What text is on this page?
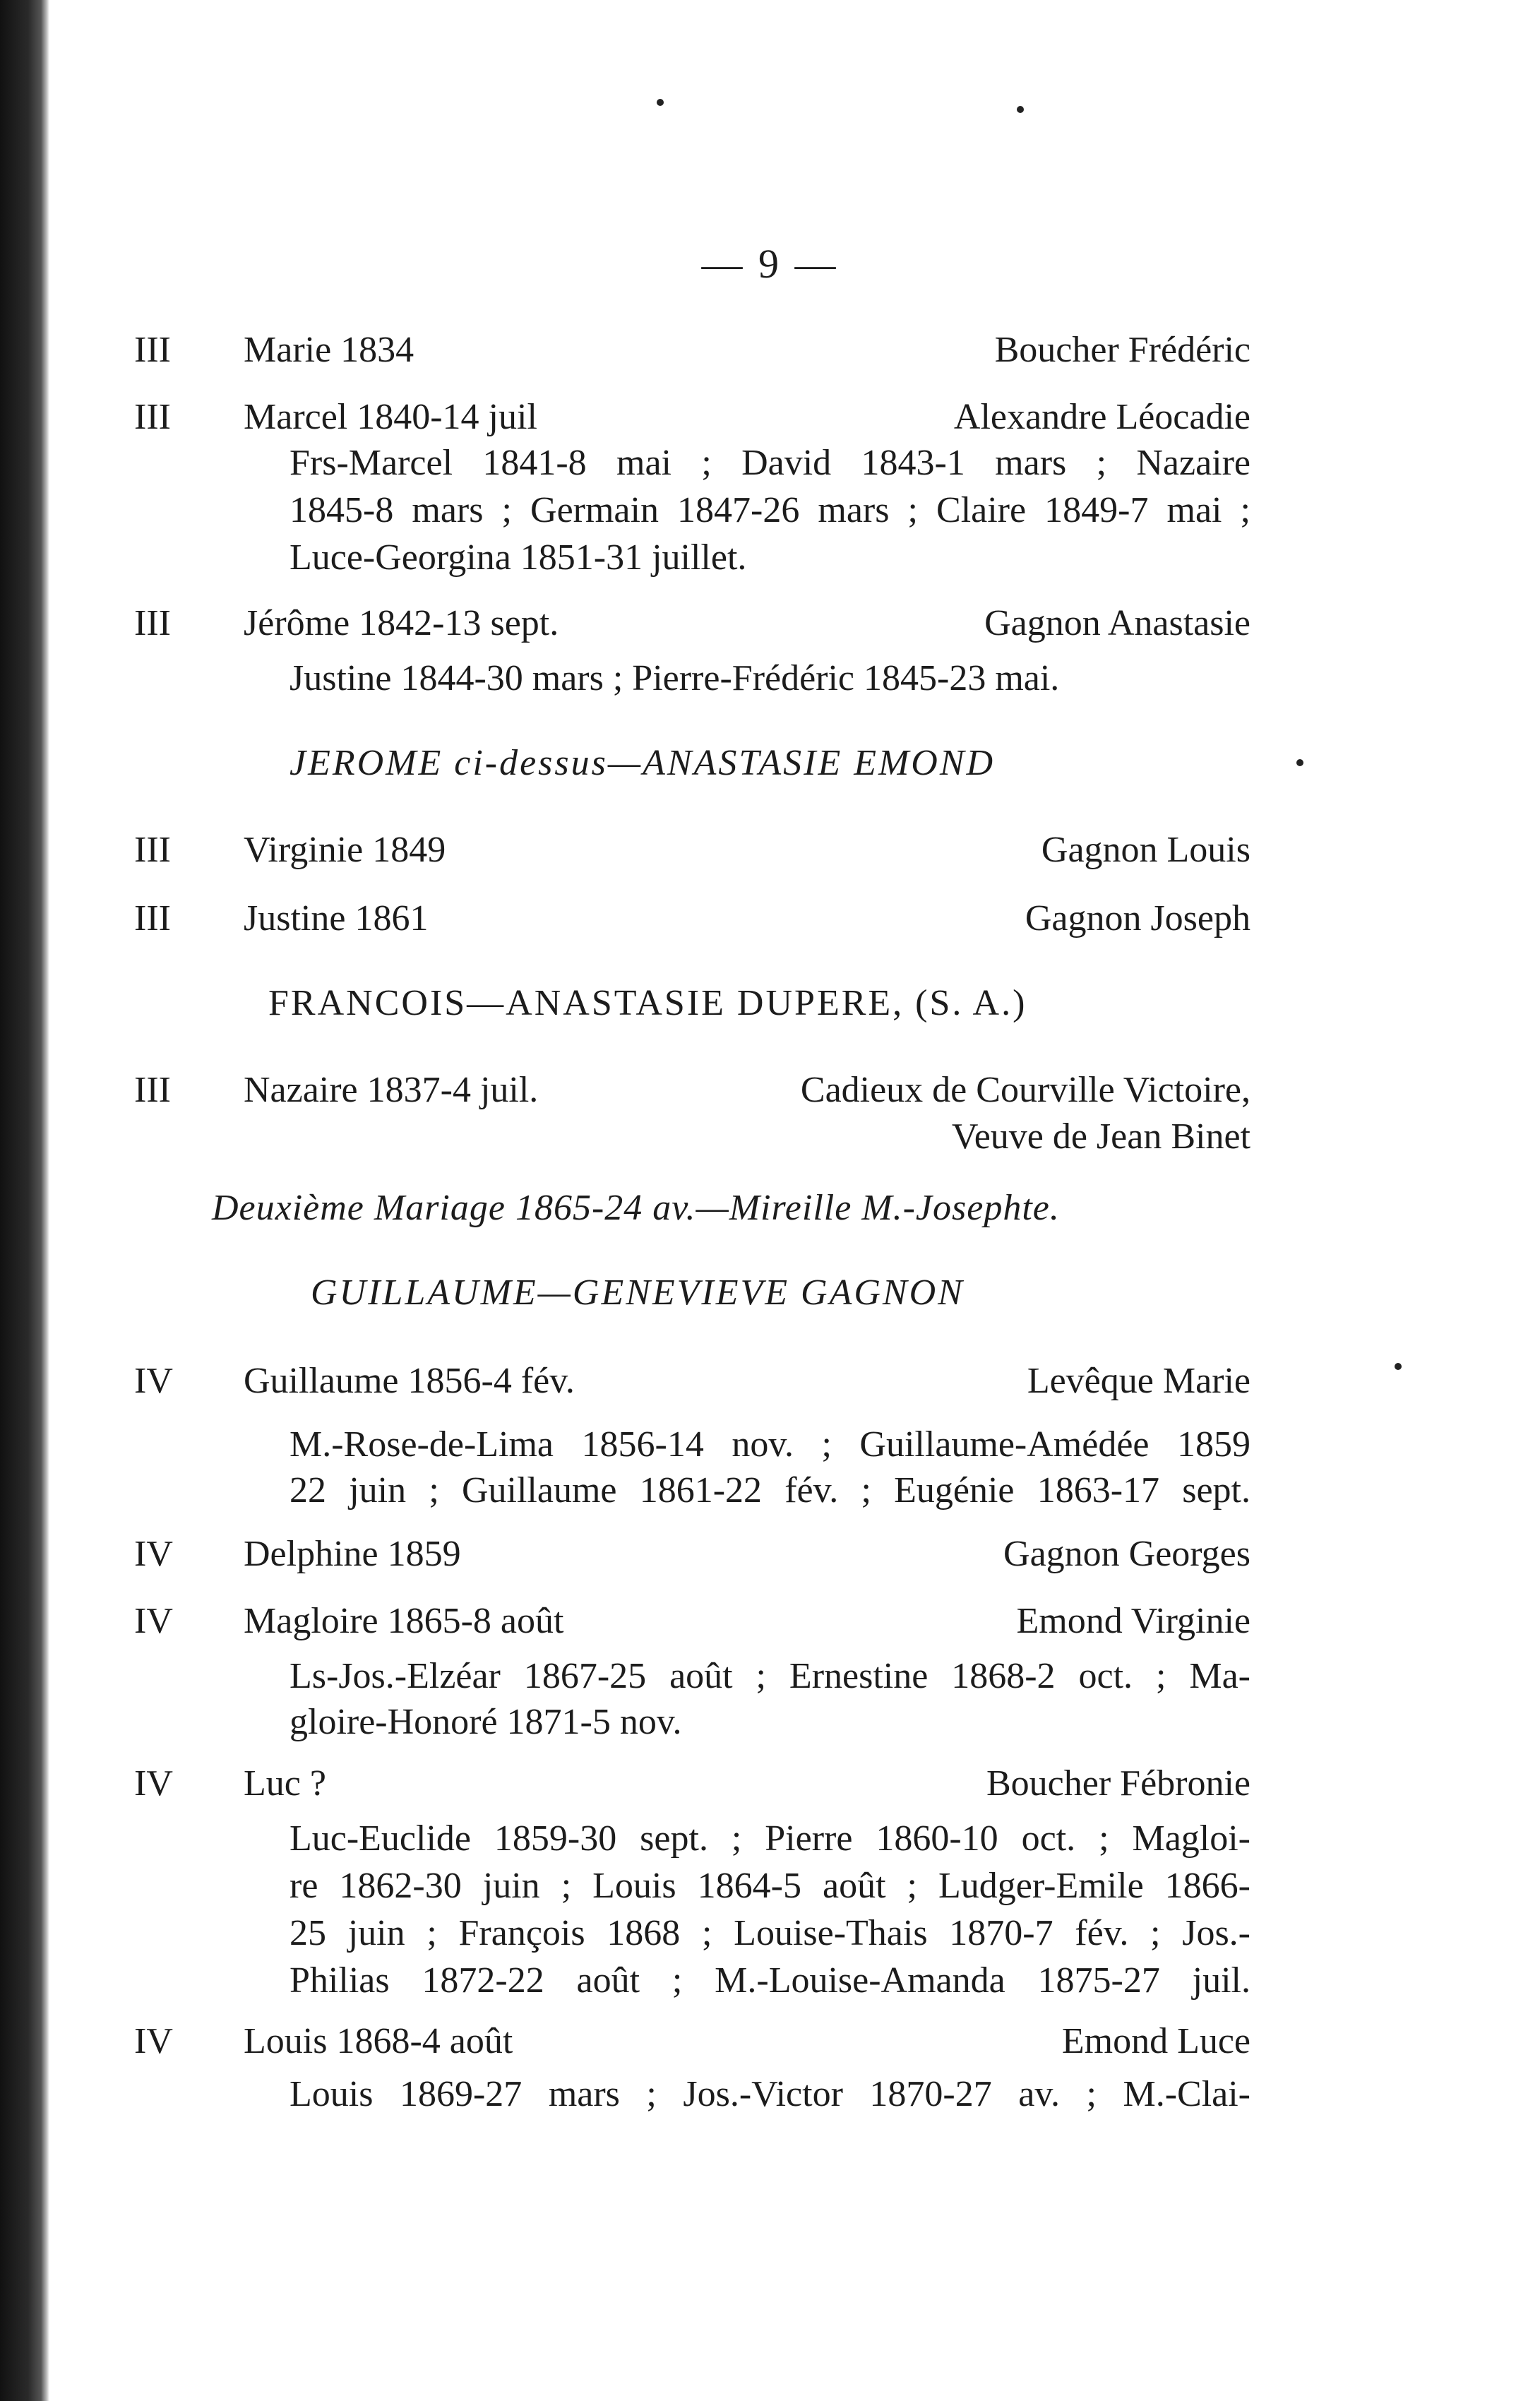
— 9 —
III Marie 1834	Boucher Frédéric
III Marcel 1840-14 juil	Alexandre Léocadie
Frs-Marcel 1841-8 mai ; David 1843-1 mars ; Nazaire
1845-8 mars ; Germain 1847-26 mars ; Claire 1849-7 mai ;
Luce-Georgina 1851-31 juillet.
III Jérôme 1842-13 sept.	Gagnon Anastasie
Justine 1844-30 mars ; Pierre-Frédéric 1845-23 mai.
JEROME ci-dessus—ANASTASIE EMOND
III Virginie 1849	Gagnon Louis
III Justine 1861	Gagnon Joseph
FRANCOIS—ANASTASIE DUPERE, (S. A.)
III Nazaire 1837-4 juil.	Cadieux de Courville Victoire,
Veuve de Jean Binet
Deuxième Mariage 1865-24 av.—Mireille M.-Josephte.
GUILLAUME—GENEVIEVE GAGNON
IV Guillaume 1856-4 fév.	Levêque Marie
M.-Rose-de-Lima 1856-14 nov. ; Guillaume-Amédée 1859
22 juin ; Guillaume 1861-22 fév. ; Eugénie 1863-17 sept.
IV Delphine 1859	Gagnon Georges
IV Magloire 1865-8 août	Emond Virginie
Ls-Jos.-Elzéar 1867-25 août ; Ernestine 1868-2 oct. ; Ma-
gloire-Honoré 1871-5 nov.
IV Luc ?	Boucher Fébronie
Luc-Euclide 1859-30 sept. ; Pierre 1860-10 oct. ; Magloi-
re 1862-30 juin ; Louis 1864-5 août ; Ludger-Emile 1866-
25 juin ; François 1868 ; Louise-Thais 1870-7 fév. ; Jos.-
Philias 1872-22 août ; M.-Louise-Amanda 1875-27 juil.
IV Louis 1868-4 août	Emond Luce
Louis 1869-27 mars ; Jos.-Victor 1870-27 av. ; M.-Clai-
